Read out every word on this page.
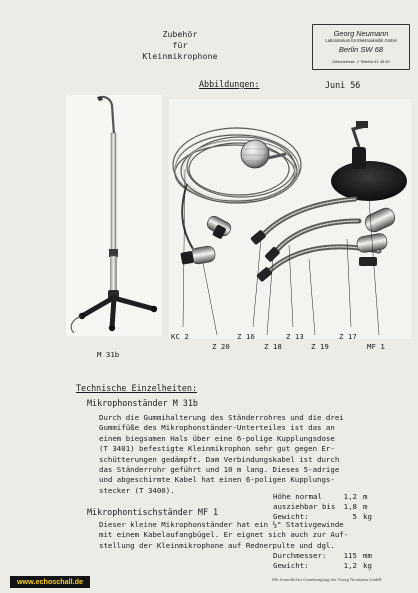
Zubehör
für
Kleinmikrophone
Georg Neumann
Laboratorium für Elektroakustik GmbH
Berlin SW 68
Gitschinerstr. 2 Telefon 61 48 92
Abbildungen:	Juni 56
KC 2
Z 20
Z 16
Z 18
Z 13
Z 19
Z 17
MF 1
M 31b
Technische Einzelheiten:
Mikrophonständer M 31b
Durch die Gummihalterung des Ständerrohres und die drei
Gummifüße des Mikrophonständer-Unterteiles ist das an
einem biegsamen Hals über eine 6-polige Kupplungsdose
(T 3401) befestigte Kleinmikrophon sehr gut gegen Er-
schütterungen gedämpft. Dam Verbindungskabel ist durch
das Ständerrohr geführt und 10 m lang. Dieses 5-adrige
und abgeschirmte Kabel hat einen 6-poligen Kupplungs-
stecker (T 3400).
Höhe normal	1,2 m
ausziehbar bis 1,8 m
Gewicht:	5 kg
Mikrophontischständer MF 1
Dieser kleine Mikrophonständer hat ein ½" Stativgewinde
mit einem Kabelaufangbügel. Er eignet sich auch zur Auf-
stellung der Kleinmikrophone auf Rednerpulte und dgl.
Durchmesser: 115 mm
Gewicht:	1,2 kg
www.echoschall.de	Mit freundlicher Genehmigung der Georg Neumann GmbH
